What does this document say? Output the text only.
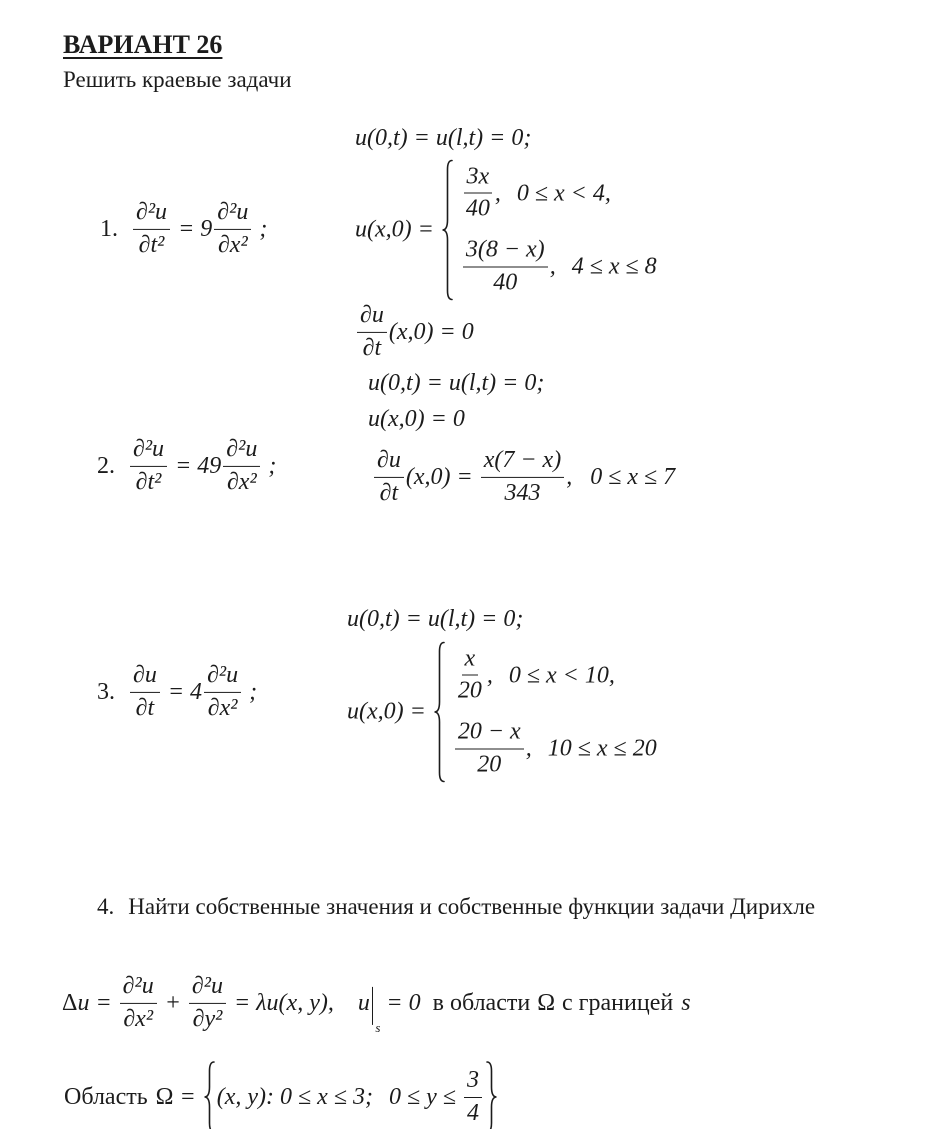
ВАРИАНТ 26
Решить краевые задачи
u(0,t) = u(l,t) = 0;
1. $\frac{\text{∂²u}}{\text{∂t²}} = 9 \frac{\text{∂²u}}{\text{∂x²}}$ ;	u(x,0) =
$\frac{3x}{40}$ , 0 ≤ x < 4,
$\frac{3(8 - x)}{40}$ , 4 ≤ x ≤ 8
$\frac{\partial u}{\partial t} (x,0) = 0$
u(0,t) = u(l,t) = 0;
u(x,0) = 0
2. $\frac{\text{∂²u}}{\text{∂t²}} = 49 \frac{\text{∂²u}}{\text{∂x²}}$ ;	$\frac{\partial u}{\partial t} (x,0) = \frac{x(7 - x)}{343}$ , 0 ≤ x ≤ 7
u(0,t) = u(l,t) = 0;
3. $\frac{\partial u}{\partial t} = 4 \frac{\text{∂²u}}{\text{∂x²}}$ ;
u(x,0) =
$\frac{x}{20}$ , 0 ≤ x < 10,
$\frac{20 - x}{20}$ , 10 ≤ x ≤ 20
4. Найти собственные значения и собственные функции задачи Дирихле
Δ $u = \frac{\text{∂²u}}{\text{∂x²}} + \frac{\text{∂²u}}{\text{∂y²}} = \lambda u(x$, y), u
s
= 0 в области Ω с границей s
Область Ω = (x, y): 0 ≤ x ≤ 3; $0 \le y \le \frac{3}{4}$
